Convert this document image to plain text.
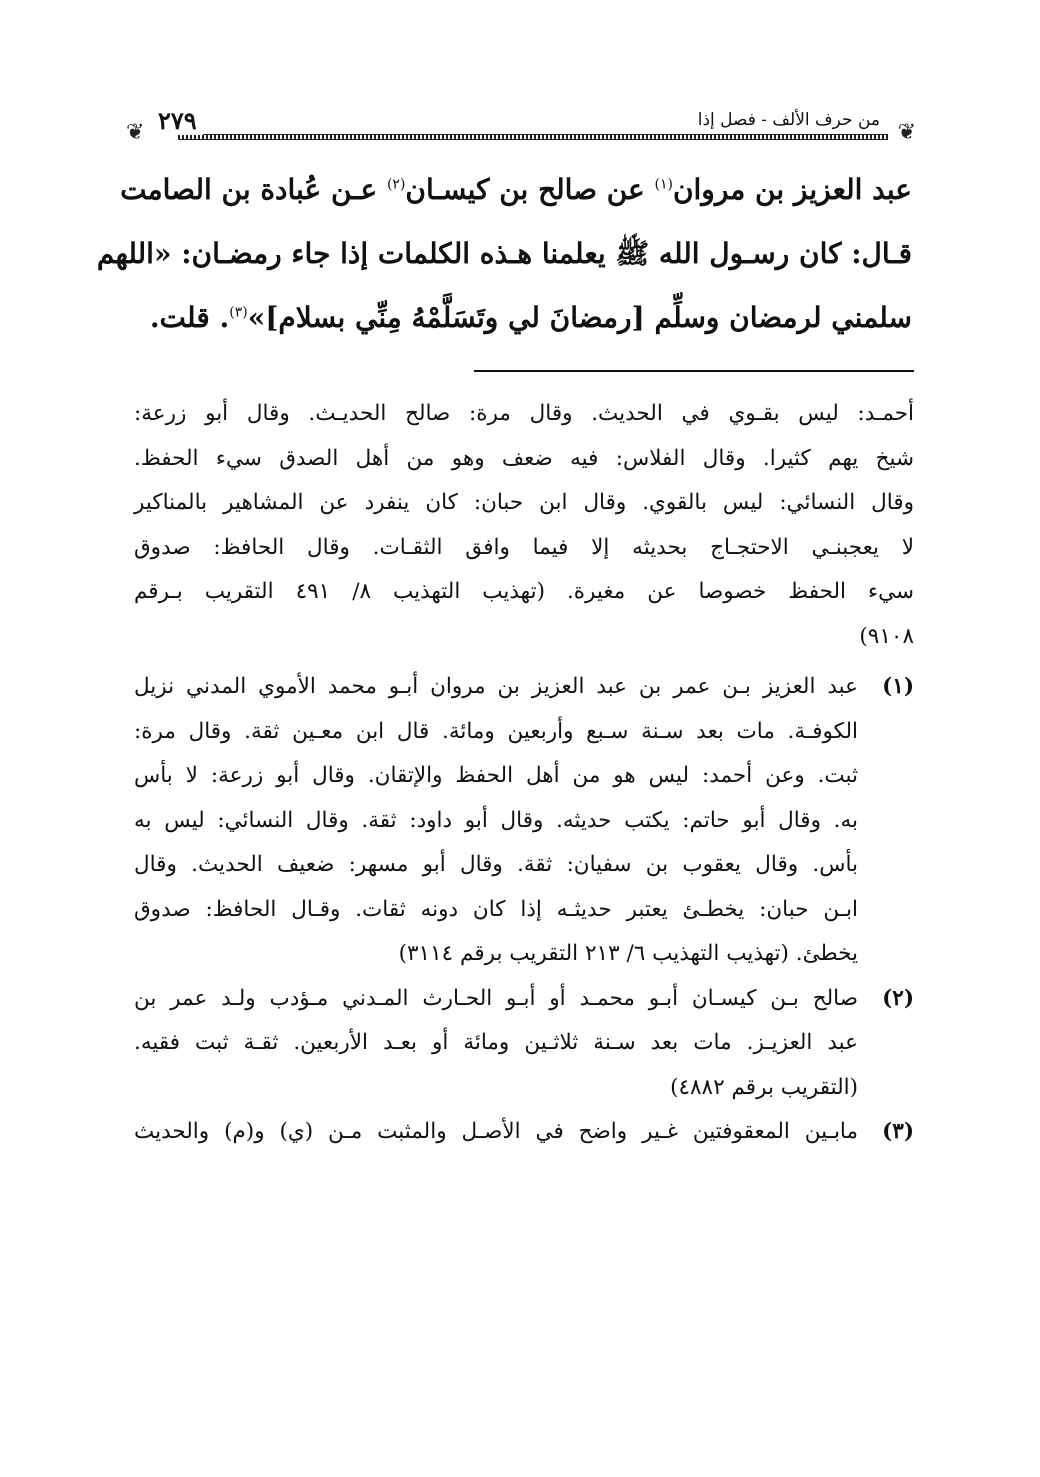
❦
❦	من حرف الألف - فصل إذا
٢٧٩
عبد العزيز بن مروان$^{(١)}$ عن صالح بن كيسـان$^{(٢)}$ عـن عُبادة بن الصامت
قـال: كان رسـول الله ﷺ يعلمنا هـذه الكلمات إذا جاء رمضـان: «اللهم
سلمني لرمضان وسلِّم [رمضانَ لي وتَسَلَّمْهُ مِنِّي بسلام]»$^{(٣)}$. قلت.
أحمـد: ليس بقـوي في الحديث. وقال مرة: صالح الحديـث. وقال أبو زرعة:
شيخ يهم كثيرا. وقال الفلاس: فيه ضعف وهو من أهل الصدق سيء الحفظ.
وقال النسائي: ليس بالقوي. وقال ابن حبان: كان ينفرد عن المشاهير بالمناكير
لا يعجبنـي الاحتجـاج بحديثه إلا فيما وافق الثقـات. وقال الحافظ: صدوق
سيء الحفظ خصوصا عن مغيرة. (تهذيب التهذيب ٨/ ٤٩١ التقريب بـرقم
٩١٠٨)
(١)
عبد العزيز بـن عمر بن عبد العزيز بن مروان أبـو محمد الأموي المدني نزيل
الكوفـة. مات بعد سـنة سـبع وأربعين ومائة. قال ابن معـين ثقة. وقال مرة:
ثبت. وعن أحمد: ليس هو من أهل الحفظ والإتقان. وقال أبو زرعة: لا بأس
به. وقال أبو حاتم: يكتب حديثه. وقال أبو داود: ثقة. وقال النسائي: ليس به
بأس. وقال يعقوب بن سفيان: ثقة. وقال أبو مسهر: ضعيف الحديث. وقال
ابـن حبان: يخطـئ يعتبر حديثـه إذا كان دونه ثقات. وقـال الحافظ: صدوق
يخطئ. (تهذيب التهذيب ٦/ ٢١٣ التقريب برقم ٣١١٤)
(٢)
صالح بـن كيسـان أبـو محمـد أو أبـو الحـارث المـدني مـؤدب ولـد عمر بن
عبد العزيـز. مات بعد سـنة ثلاثـين ومائة أو بعـد الأربعين. ثقـة ثبت فقيه.
(التقريب برقم ٤٨٨٢)
(٣)
مابـين المعقوفتين غـير واضح في الأصـل والمثبت مـن (ي) و(م) والحديث
